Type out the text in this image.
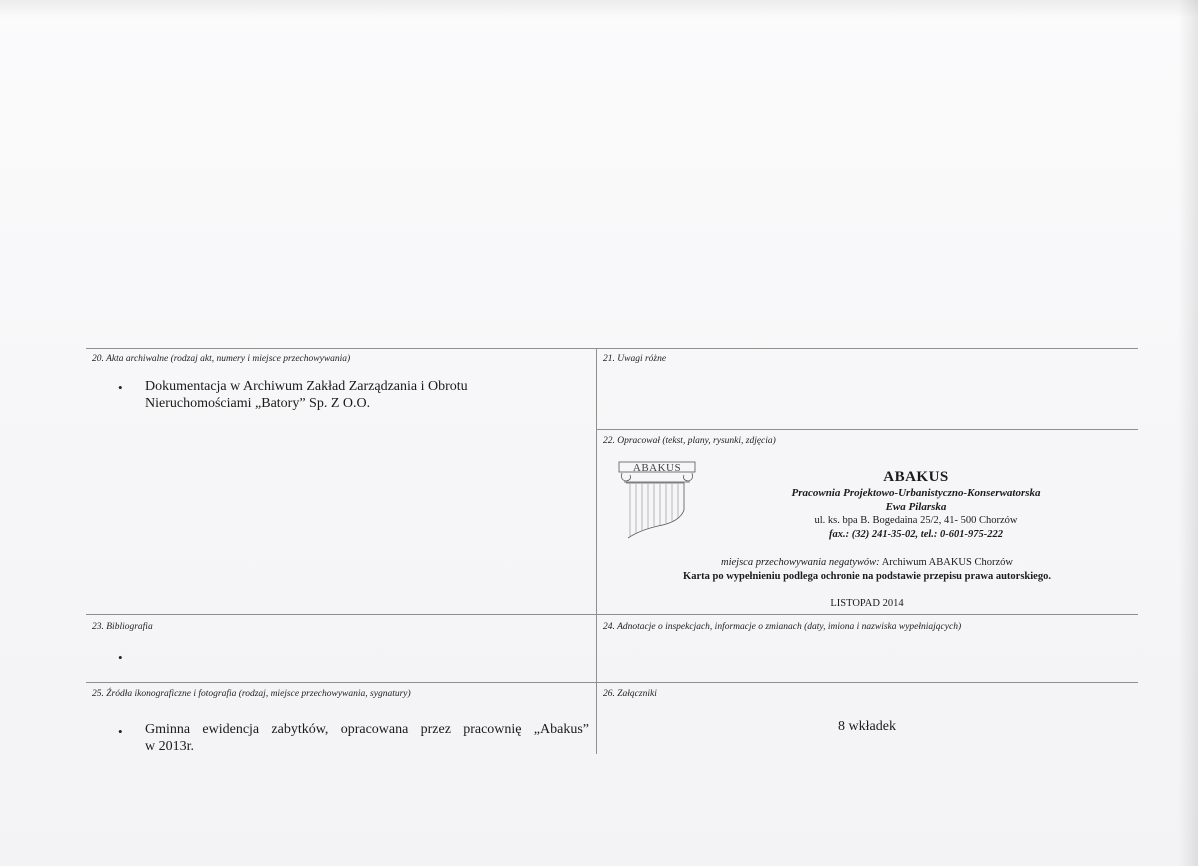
20. Akta archiwalne (rodzaj akt, numery i miejsce przechowywania)
• Dokumentacja w Archiwum Zakład Zarządzania i Obrotu
Nieruchomościami „Batory” Sp. Z O.O.
21. Uwagi różne
22. Opracował (tekst, plany, rysunki, zdjęcia)
ABAKUS
ABAKUS
Pracownia Projektowo-Urbanistyczno-Konserwatorska
Ewa Pilarska
ul. ks. bpa B. Bogedaina 25/2, 41- 500 Chorzów
fax.: (32) 241-35-02, tel.: 0-601-975-222
miejsca przechowywania negatywów: Archiwum ABAKUS Chorzów
Karta po wypełnieniu podlega ochronie na podstawie przepisu prawa autorskiego.
LISTOPAD 2014
23. Bibliografia
•
24. Adnotacje o inspekcjach, informacje o zmianach (daty, imiona i nazwiska wypełniających)
25. Źródła ikonograficzne i fotografia (rodzaj, miejsce przechowywania, sygnatury)
• Gminna ewidencja zabytków, opracowana przez pracownię „Abakus”
w 2013r.
26. Załączniki
8 wkładek
